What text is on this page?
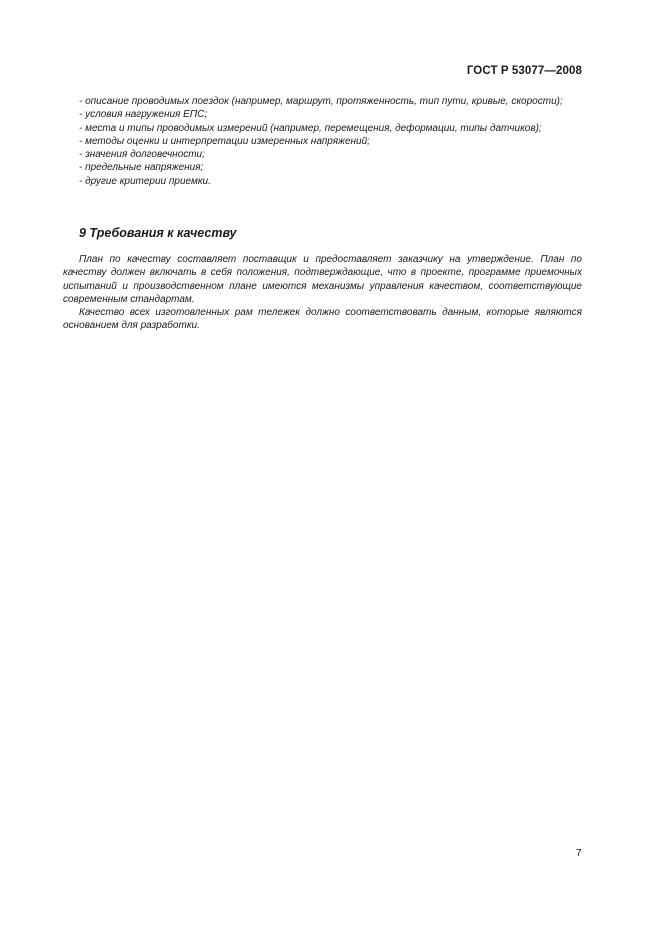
ГОСТ Р 53077—2008

- описание проводимых поездок (например, маршрут, протяженность, тип пути, кривые, скорости);

- условия нагружения ЕПС;

- места и типы проводимых измерений (например, перемещения, деформации, типы датчиков);

- методы оценки и интерпретации измеренных напряжений;

- значения долговечности;

- предельные напряжения;

- другие критерии приемки.

9 Требования к качеству

План по качеству составляет поставщик и предоставляет заказчику на утверждение. План по качеству должен включать в себя положения, подтверждающие, что в проекте, программе приемочных испытаний и производственном плане имеются механизмы управления качеством, соответствующие современным стандартам.

Качество всех изготовленных рам тележек должно соответствовать данным, которые являются основанием для разработки.

7
